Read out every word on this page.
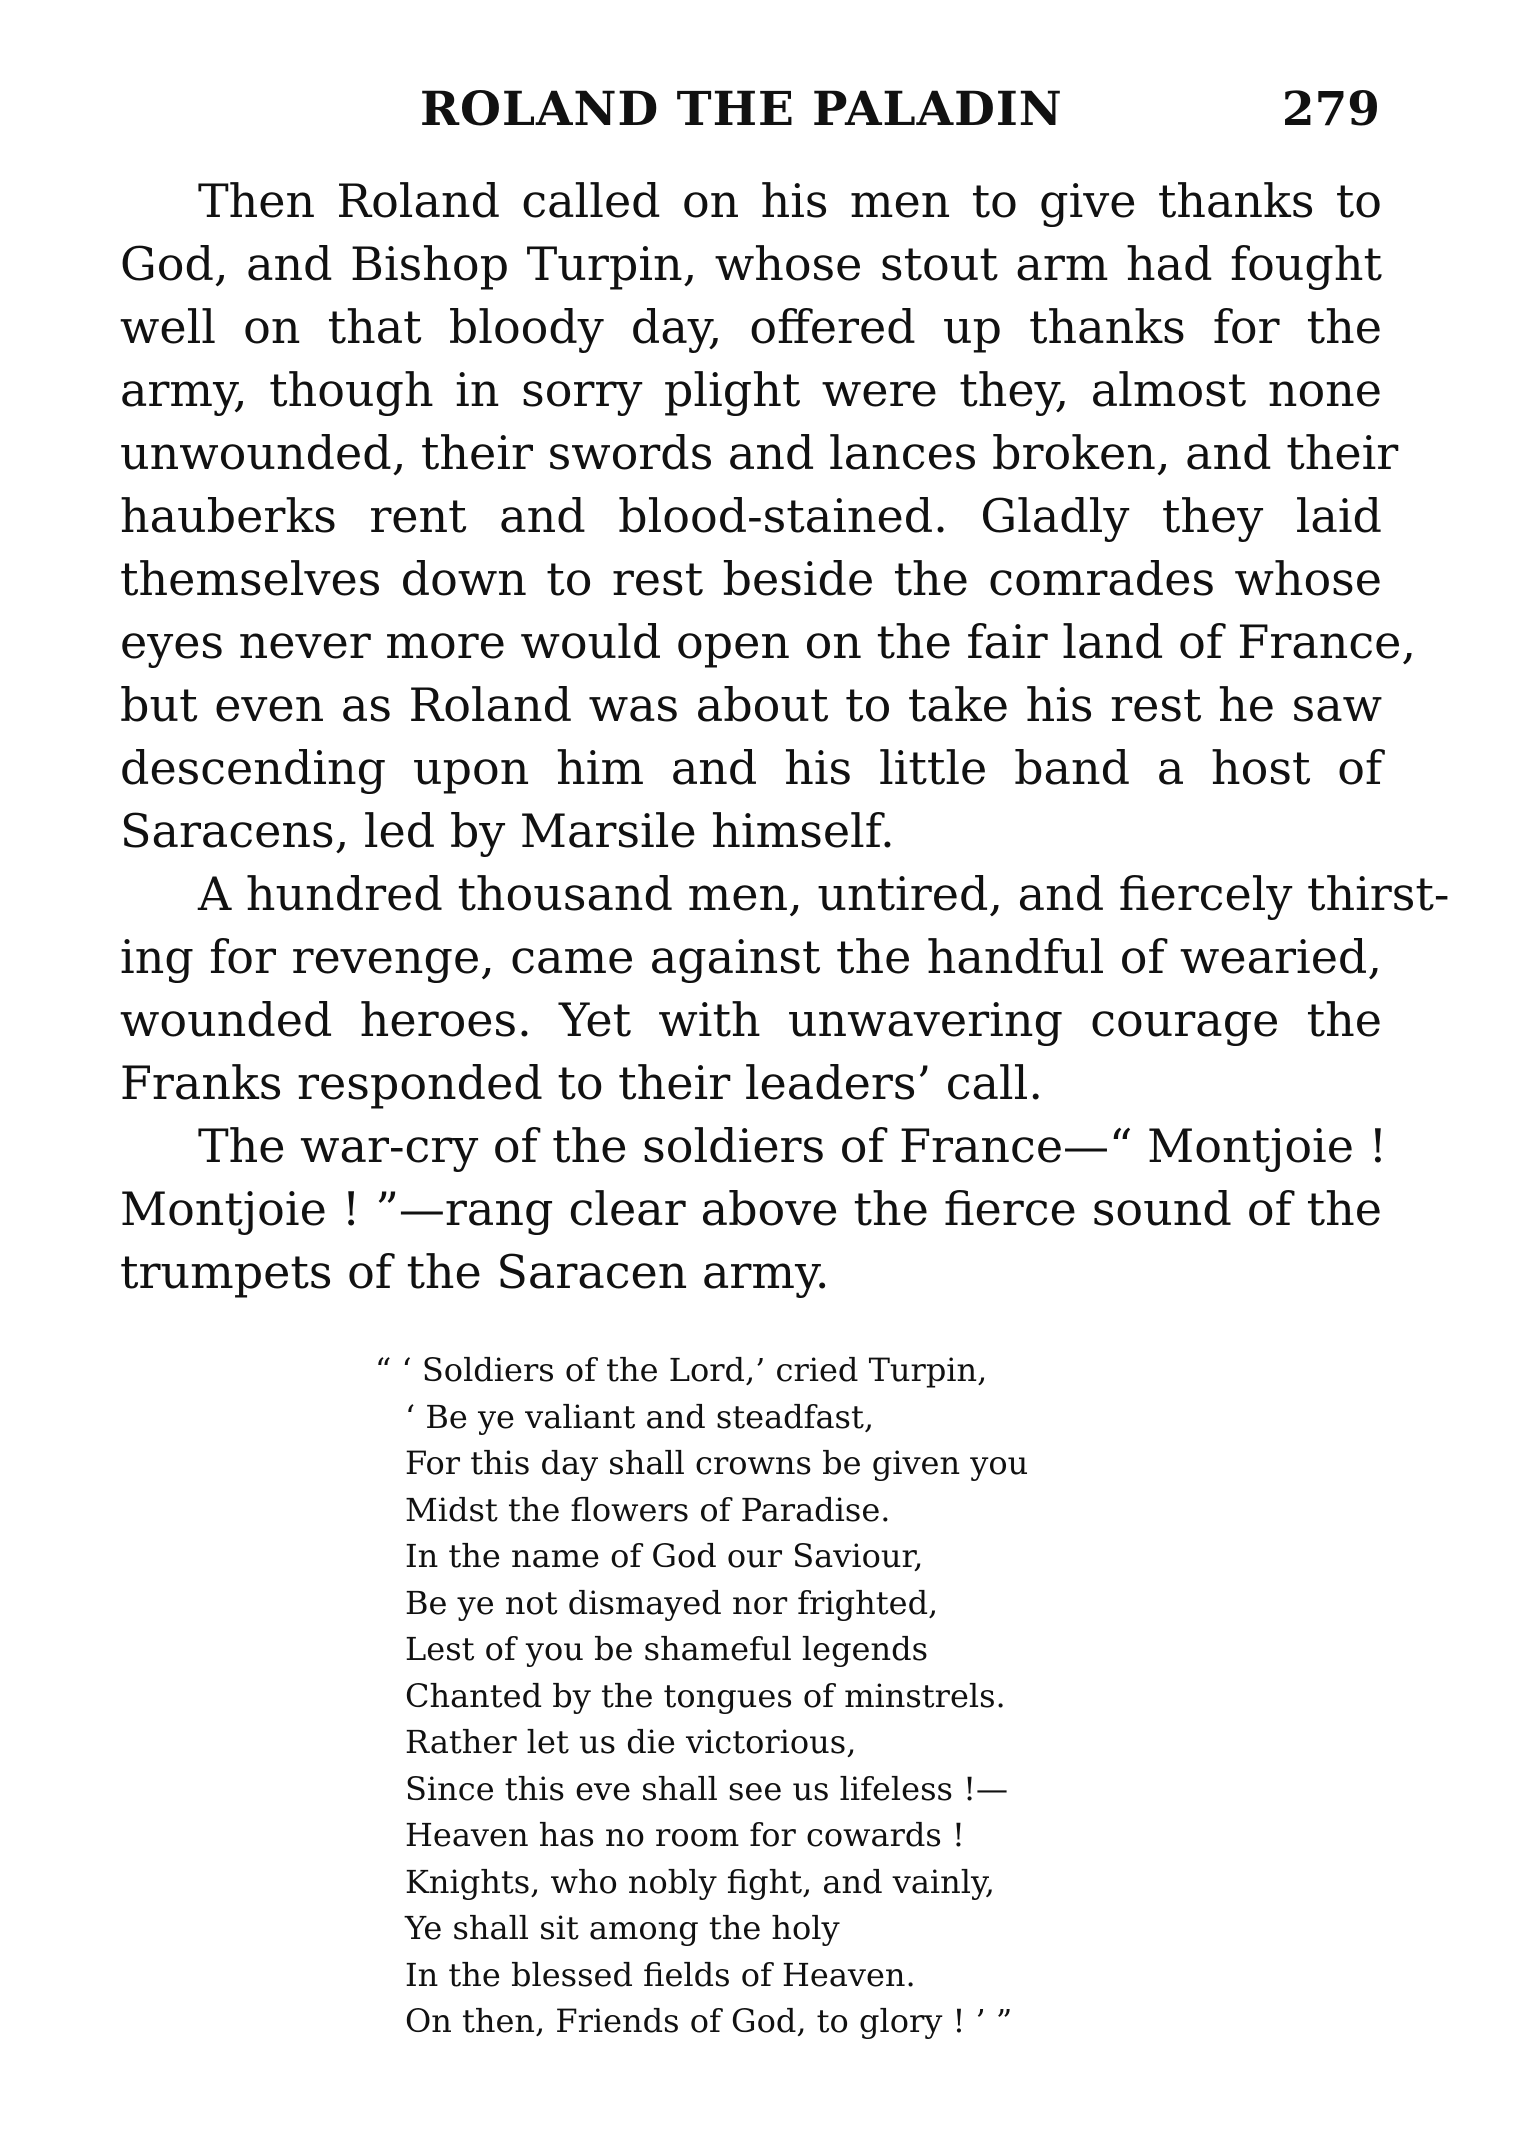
ROLAND THE PALADIN	279
Then Roland called on his men to give thanks to
God, and Bishop Turpin, whose stout arm had fought
well on that bloody day, offered up thanks for the
army, though in sorry plight were they, almost none
unwounded, their swords and lances broken, and their
hauberks rent and blood-stained. Gladly they laid
themselves down to rest beside the comrades whose
eyes never more would open on the fair land of France,
but even as Roland was about to take his rest he saw
descending upon him and his little band a host of
Saracens, led by Marsile himself.
A hundred thousand men, untired, and fiercely thirst-
ing for revenge, came against the handful of wearied,
wounded heroes. Yet with unwavering courage the
Franks responded to their leaders’ call.
The war-cry of the soldiers of France—“ Montjoie !
Montjoie ! ”—rang clear above the fierce sound of the
trumpets of the Saracen army.
“ ‘ Soldiers of the Lord,’ cried Turpin,
‘ Be ye valiant and steadfast,
For this day shall crowns be given you
Midst the flowers of Paradise.
In the name of God our Saviour,
Be ye not dismayed nor frighted,
Lest of you be shameful legends
Chanted by the tongues of minstrels.
Rather let us die victorious,
Since this eve shall see us lifeless !—
Heaven has no room for cowards !
Knights, who nobly fight, and vainly,
Ye shall sit among the holy
In the blessed fields of Heaven.
On then, Friends of God, to glory ! ’ ”
